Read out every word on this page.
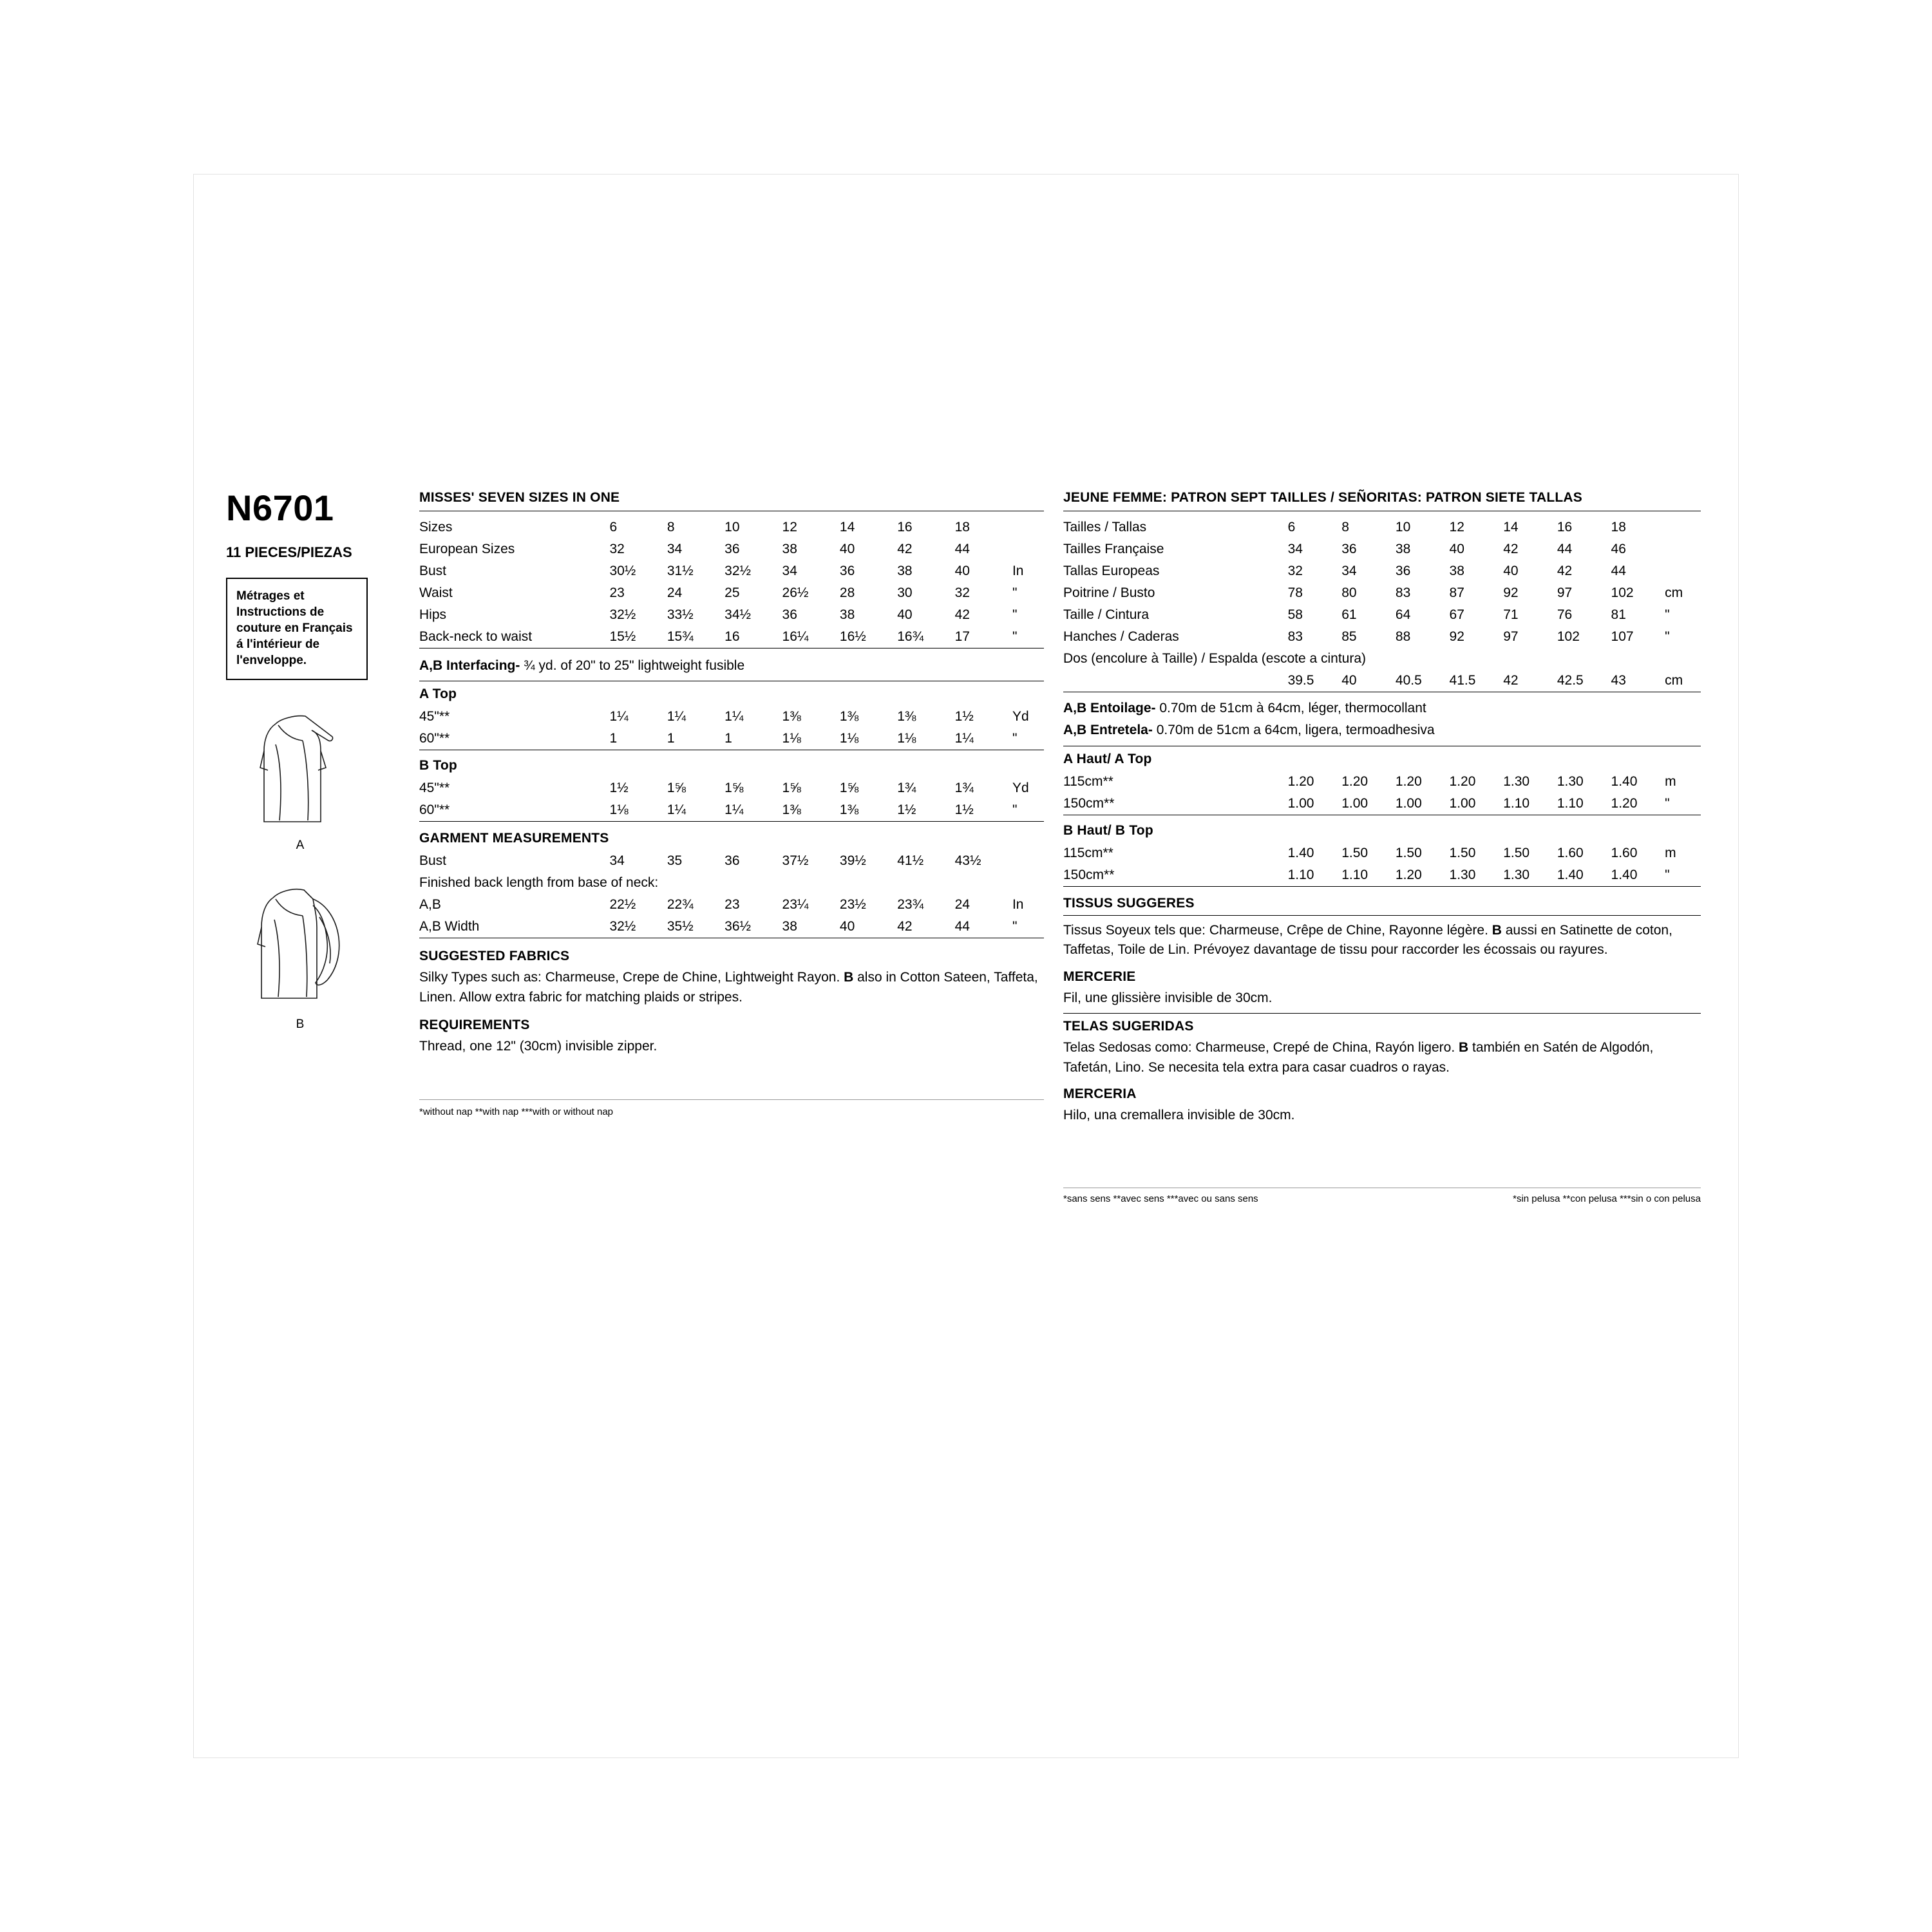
N6701
11 PIECES/PIEZAS
Métrages et Instructions de couture en Français á l'intérieur de l'enveloppe.
A
B
MISSES' SEVEN SIZES IN ONE
Sizes	6	8	10	12	14	16	18	
European Sizes	32	34	36	38	40	42	44	
Bust	30½	31½	32½	34	36	38	40	In
Waist	23	24	25	26½	28	30	32	"
Hips	32½	33½	34½	36	38	40	42	"
Back-neck to waist	15½	15¾	16	16¼	16½	16¾	17	"

A,B Interfacing- ¾ yd. of 20" to 25" lightweight fusible

A Top
45"**	1¼	1¼	1¼	1⅜	1⅜	1⅜	1½	Yd
60"**	1	1	1	1⅛	1⅛	1⅛	1¼	"
B Top
45"**	1½	1⅝	1⅝	1⅝	1⅝	1¾	1¾	Yd
60"**	1⅛	1¼	1¼	1⅜	1⅜	1½	1½	"
GARMENT MEASUREMENTS
Bust	34	35	36	37½	39½	41½	43½	
Finished back length from base of neck:								
A,B	22½	22¾	23	23¼	23½	23¾	24	In
A,B Width	32½	35½	36½	38	40	42	44	"
SUGGESTED FABRICS

Silky Types such as: Charmeuse, Crepe de Chine, Lightweight Rayon. B also in Cotton Sateen, Taffeta, Linen. Allow extra fabric for matching plaids or stripes.

REQUIREMENTS

Thread, one 12" (30cm) invisible zipper.

*without nap **with nap ***with or without nap
JEUNE FEMME: PATRON SEPT TAILLES / SEÑORITAS: PATRON SIETE TALLAS
Tailles / Tallas	6	8	10	12	14	16	18	
Tailles Française	34	36	38	40	42	44	46	
Tallas Europeas	32	34	36	38	40	42	44	
Poitrine / Busto	78	80	83	87	92	97	102	cm
Taille / Cintura	58	61	64	67	71	76	81	"
Hanches / Caderas	83	85	88	92	97	102	107	"
Dos (encolure à Taille) / Espalda (escote a cintura)								
	39.5	40	40.5	41.5	42	42.5	43	cm

A,B Entoilage- 0.70m de 51cm à 64cm, léger, thermocollant

A,B Entretela- 0.70m de 51cm a 64cm, ligera, termoadhesiva

A Haut/ A Top
115cm**	1.20	1.20	1.20	1.20	1.30	1.30	1.40	m
150cm**	1.00	1.00	1.00	1.00	1.10	1.10	1.20	"
B Haut/ B Top
115cm**	1.40	1.50	1.50	1.50	1.50	1.60	1.60	m
150cm**	1.10	1.10	1.20	1.30	1.30	1.40	1.40	"
TISSUS SUGGERES

Tissus Soyeux tels que: Charmeuse, Crêpe de Chine, Rayonne légère. B aussi en Satinette de coton, Taffetas, Toile de Lin. Prévoyez davantage de tissu pour raccorder les écossais ou rayures.

MERCERIE

Fil, une glissière invisible de 30cm.

TELAS SUGERIDAS

Telas Sedosas como: Charmeuse, Crepé de China, Rayón ligero. B también en Satén de Algodón, Tafetán, Lino. Se necesita tela extra para casar cuadros o rayas.

MERCERIA

Hilo, una cremallera invisible de 30cm.

*sans sens **avec sens ***avec ou sans sens	*sin pelusa **con pelusa ***sin o con pelusa
